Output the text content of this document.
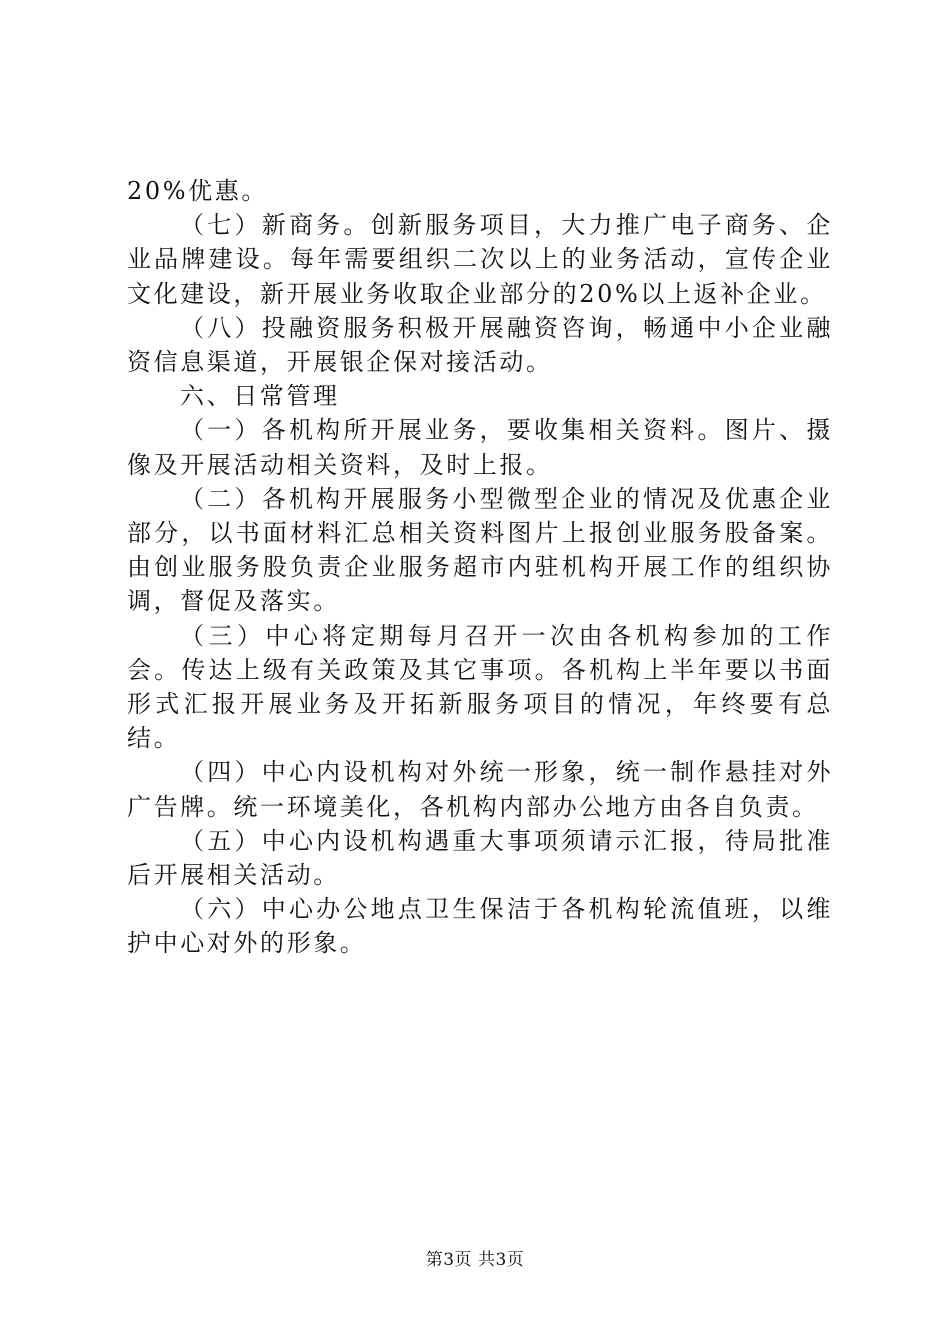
20%优惠。

（七）新商务。创新服务项目，大力推广电子商务、企业品牌建设。每年需要组织二次以上的业务活动，宣传企业文化建设，新开展业务收取企业部分的20%以上返补企业。

（八）投融资服务积极开展融资咨询，畅通中小企业融资信息渠道，开展银企保对接活动。

六、日常管理

（一）各机构所开展业务，要收集相关资料。图片、摄像及开展活动相关资料，及时上报。

（二）各机构开展服务小型微型企业的情况及优惠企业部分，以书面材料汇总相关资料图片上报创业服务股备案。由创业服务股负责企业服务超市内驻机构开展工作的组织协调，督促及落实。

（三）中心将定期每月召开一次由各机构参加的工作会。传达上级有关政策及其它事项。各机构上半年要以书面形式汇报开展业务及开拓新服务项目的情况，年终要有总结。

（四）中心内设机构对外统一形象，统一制作悬挂对外广告牌。统一环境美化，各机构内部办公地方由各自负责。

（五）中心内设机构遇重大事项须请示汇报，待局批准后开展相关活动。

（六）中心办公地点卫生保洁于各机构轮流值班，以维护中心对外的形象。

第3页 共3页
